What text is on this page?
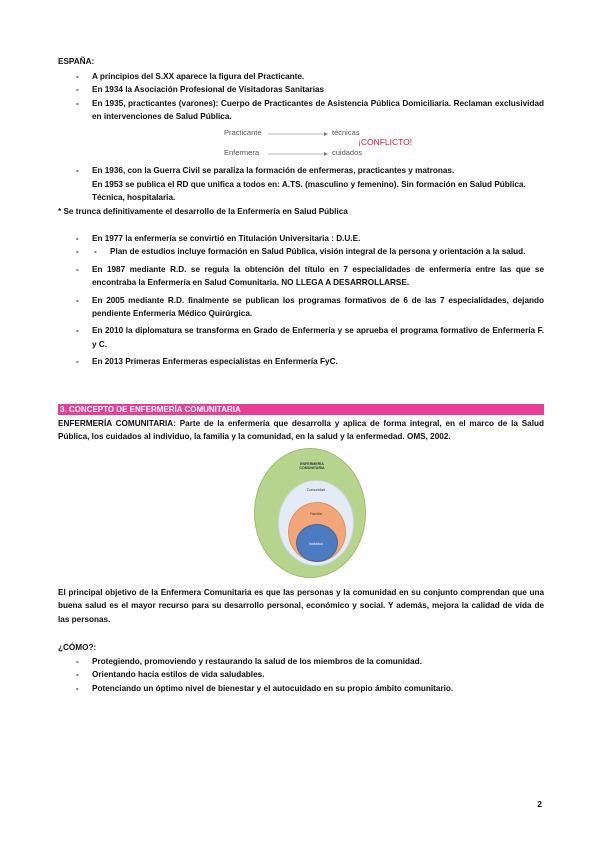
ESPAÑA:
- A principios del S.XX aparece la figura del Practicante.
- En 1934 la Asociación Profesional de Visitadoras Sanitarias
- En 1935, practicantes (varones): Cuerpo de Practicantes de Asistencia Pública Domiciliaria. Reclaman exclusividad en intervenciones de Salud Pública.
Practicante	técnicas
Enfermera	cuidados
¡CONFLICTO!
- En 1936, con la Guerra Civil se paraliza la formación de enfermeras, practicantes y matronas.
En 1953 se publica el RD que unifica a todos en: A.TS. (masculino y femenino). Sin formación en Salud Pública. Técnica, hospitalaria.
* Se trunca definitivamente el desarrollo de la Enfermería en Salud Pública
- En 1977 la enfermería se convirtió en Titulación Universitaria : D.U.E.
- - Plan de estudios incluye formación en Salud Pública, visión integral de la persona y orientación a la salud.
- En 1987 mediante R.D. se regula la obtención del título en 7 especialidades de enfermería entre las que se encontraba la Enfermería en Salud Comunitaria. NO LLEGA A DESARROLLARSE.
- En 2005 mediante R.D. finalmente se publican los programas formativos de 6 de las 7 especialidades, dejando pendiente Enfermería Médico Quirúrgica.
- En 2010 la diplomatura se transforma en Grado de Enfermería y se aprueba el programa formativo de Enfermería F. y C.
- En 2013 Primeras Enfermeras especialistas en Enfermería FyC.
3. CONCEPTO DE ENFERMERÍA COMUNITARIA
ENFERMERÍA COMUNITARIA: Parte de la enfermería que desarrolla y aplica de forma integral, en el marco de la Salud Pública, los cuidados al individuo, la familia y la comunidad, en la salud y la enfermedad. OMS, 2002.
ENFERMERÍA COMUNITARIA
Comunidad
Familia
Individuo
El principal objetivo de la Enfermera Comunitaria es que las personas y la comunidad en su conjunto comprendan que una buena salud es el mayor recurso para su desarrollo personal, económico y social. Y además, mejora la calidad de vida de las personas.
¿CÓMO?:
- Protegiendo, promoviendo y restaurando la salud de los miembros de la comunidad.
- Orientando hacia estilos de vida saludables.
- Potenciando un óptimo nivel de bienestar y el autocuidado en su propio ámbito comunitario.
2
